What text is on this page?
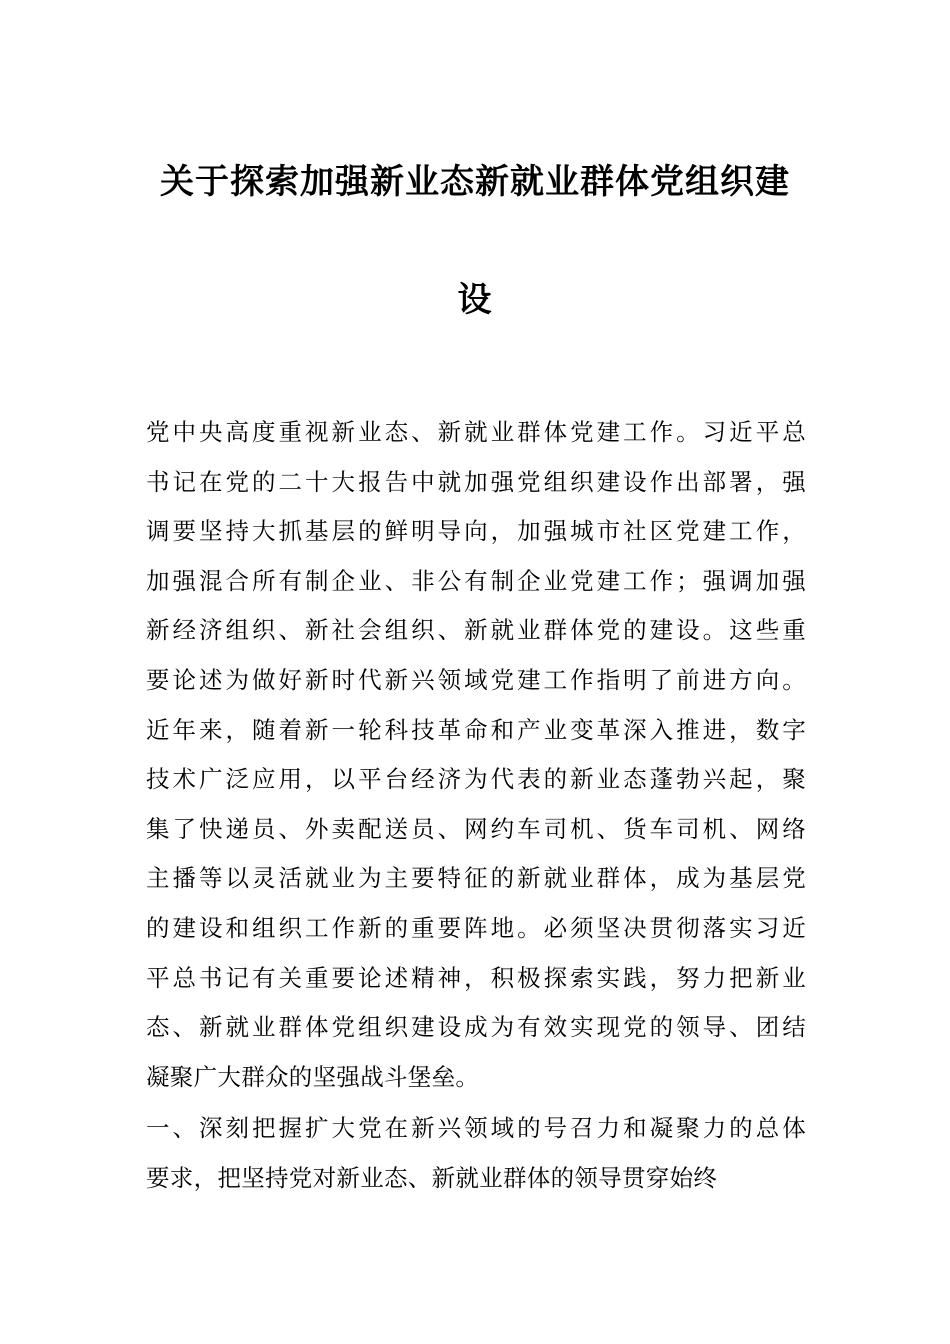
关于探索加强新业态新就业群体党组织建
设
党中央高度重视新业态、新就业群体党建工作。习近平总
书记在党的二十大报告中就加强党组织建设作出部署，强
调要坚持大抓基层的鲜明导向，加强城市社区党建工作，
加强混合所有制企业、非公有制企业党建工作；强调加强
新经济组织、新社会组织、新就业群体党的建设。这些重
要论述为做好新时代新兴领域党建工作指明了前进方向。
近年来，随着新一轮科技革命和产业变革深入推进，数字
技术广泛应用，以平台经济为代表的新业态蓬勃兴起，聚
集了快递员、外卖配送员、网约车司机、货车司机、网络
主播等以灵活就业为主要特征的新就业群体，成为基层党
的建设和组织工作新的重要阵地。必须坚决贯彻落实习近
平总书记有关重要论述精神，积极探索实践，努力把新业
态、新就业群体党组织建设成为有效实现党的领导、团结
凝聚广大群众的坚强战斗堡垒。
一、深刻把握扩大党在新兴领域的号召力和凝聚力的总体
要求，把坚持党对新业态、新就业群体的领导贯穿始终
